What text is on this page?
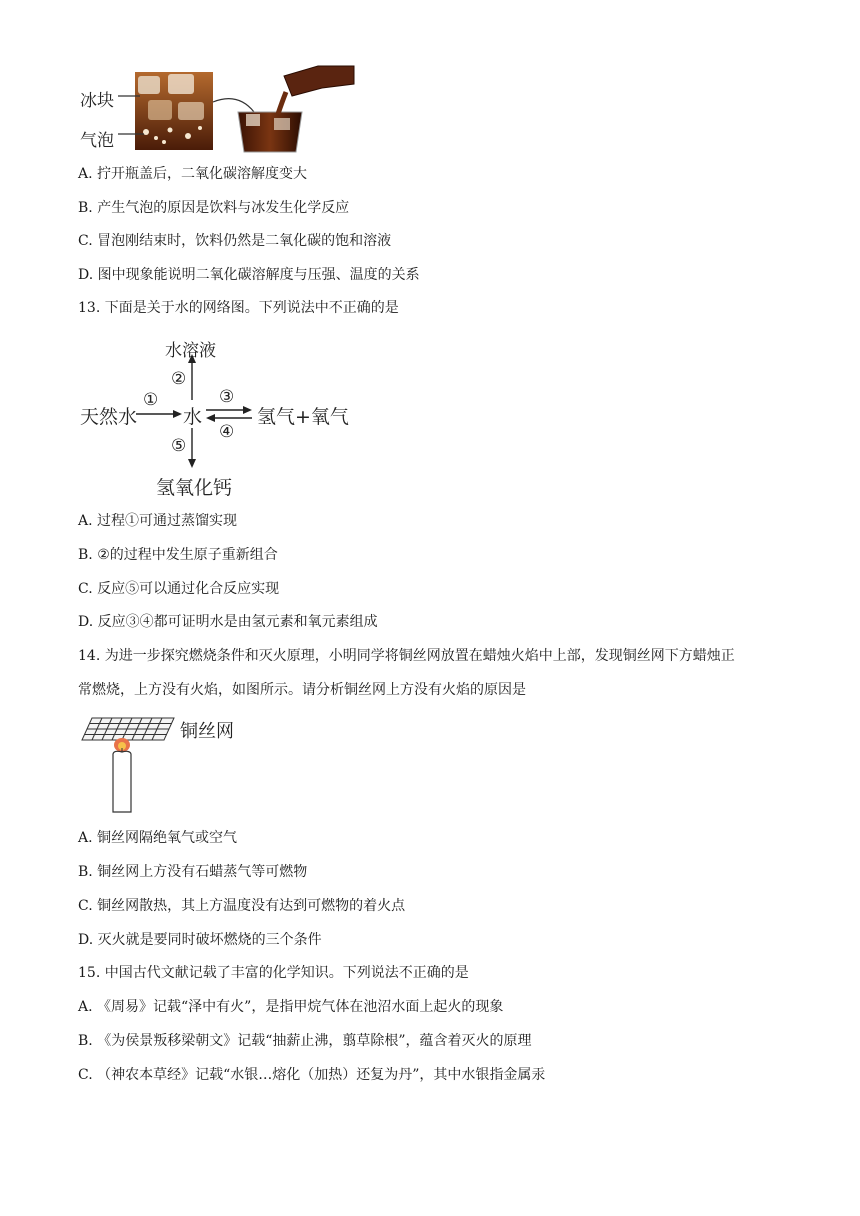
冰块
气泡
A. 拧开瓶盖后，二氧化碳溶解度变大
B. 产生气泡的原因是饮料与冰发生化学反应
C. 冒泡刚结束时，饮料仍然是二氧化碳的饱和溶液
D. 图中现象能说明二氧化碳溶解度与压强、温度的关系
13. 下面是关于水的网络图。下列说法中不正确的是
水溶液
②
天然水
①
水
③
④
氢气+氧气
⑤
氢氧化钙
A. 过程①可通过蒸馏实现
B. ②的过程中发生原子重新组合
C. 反应⑤可以通过化合反应实现
D. 反应③④都可证明水是由氢元素和氧元素组成
14. 为进一步探究燃烧条件和灭火原理，小明同学将铜丝网放置在蜡烛火焰中上部，发现铜丝网下方蜡烛正
常燃烧，上方没有火焰，如图所示。请分析铜丝网上方没有火焰的原因是
铜丝网
A. 铜丝网隔绝氧气或空气
B. 铜丝网上方没有石蜡蒸气等可燃物
C. 铜丝网散热，其上方温度没有达到可燃物的着火点
D. 灭火就是要同时破坏燃烧的三个条件
15. 中国古代文献记载了丰富的化学知识。下列说法不正确的是
A. 《周易》记载“泽中有火”，是指甲烷气体在池沼水面上起火的现象
B. 《为侯景叛移梁朝文》记载“抽薪止沸，翦草除根”，蕴含着灭火的原理
C. （神农本草经》记载“水银…熔化（加热）还复为丹”，其中水银指金属汞
